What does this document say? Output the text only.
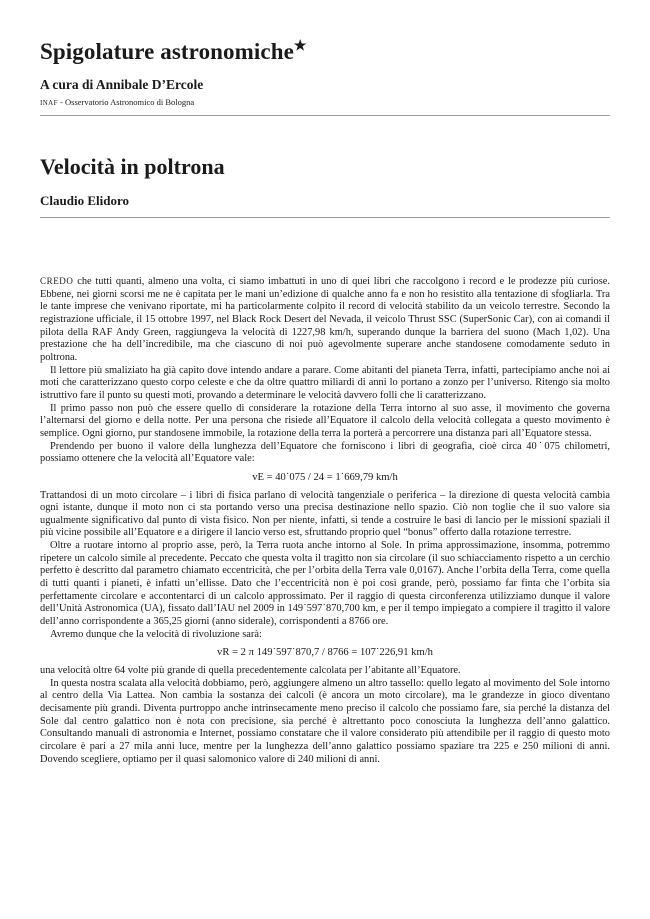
Spigolature astronomiche★
A cura di Annibale D’Ercole
INAF - Osservatorio Astronomico di Bologna
Velocità in poltrona
Claudio Elidoro

CREDO che tutti quanti, almeno una volta, ci siamo imbattuti in uno di quei libri che raccolgono i record e le prodezze più curiose. Ebbene, nei giorni scorsi me ne è capitata per le mani un’edizione di qualche anno fa e non ho resistito alla tentazione di sfogliarla. Tra le tante imprese che venivano riportate, mi ha particolarmente colpito il record di velocità stabilito da un veicolo terrestre. Secondo la registrazione ufficiale, il 15 ottobre 1997, nel Black Rock Desert del Nevada, il veicolo Thrust SSC (SuperSonic Car), con ai comandi il pilota della RAF Andy Green, raggiungeva la velocità di 1227,98 km/h, superando dunque la barriera del suono (Mach 1,02). Una prestazione che ha dell’incredibile, ma che ciascuno di noi può agevolmente superare anche standosene comodamente seduto in poltrona.

Il lettore più smaliziato ha già capito dove intendo andare a parare. Come abitanti del pianeta Terra, infatti, partecipiamo anche noi ai moti che caratterizzano questo corpo celeste e che da oltre quattro miliardi di anni lo portano a zonzo per l’universo. Ritengo sia molto istruttivo fare il punto su questi moti, provando a determinare le velocità davvero folli che li caratterizzano.

Il primo passo non può che essere quello di considerare la rotazione della Terra intorno al suo asse, il movimento che governa l’alternarsi del giorno e della notte. Per una persona che risiede all’Equatore il calcolo della velocità collegata a questo movimento è semplice. Ogni giorno, pur standosene immobile, la rotazione della terra la porterà a percorrere una distanza pari all’Equatore stessa.

Prendendo per buono il valore della lunghezza dell’Equatore che forniscono i libri di geografia, cioè circa 40˙075 chilometri, possiamo ottenere che la velocità all’Equatore vale:

vE = 40˙075 / 24 = 1˙669,79 km/h

Trattandosi di un moto circolare – i libri di fisica parlano di velocità tangenziale o periferica – la direzione di questa velocità cambia ogni istante, dunque il moto non ci sta portando verso una precisa destinazione nello spazio. Ciò non toglie che il suo valore sia ugualmente significativo dal punto di vista fisico. Non per niente, infatti, si tende a costruire le basi di lancio per le missioni spaziali il più vicine possibile all’Equatore e a dirigere il lancio verso est, sfruttando proprio quel “bonus” offerto dalla rotazione terrestre.

Oltre a ruotare intorno al proprio asse, però, la Terra ruota anche intorno al Sole. In prima approssimazione, insomma, potremmo ripetere un calcolo simile al precedente. Peccato che questa volta il tragitto non sia circolare (il suo schiacciamento rispetto a un cerchio perfetto è descritto dal parametro chiamato eccentricità, che per l’orbita della Terra vale 0,0167). Anche l’orbita della Terra, come quella di tutti quanti i pianeti, è infatti un’ellisse. Dato che l’eccentricità non è poi così grande, però, possiamo far finta che l’orbita sia perfettamente circolare e accontentarci di un calcolo approssimato. Per il raggio di questa circonferenza utilizziamo dunque il valore dell’Unità Astronomica (UA), fissato dall’IAU nel 2009 in 149˙597˙870,700 km, e per il tempo impiegato a compiere il tragitto il valore dell’anno corrispondente a 365,25 giorni (anno siderale), corrispondenti a 8766 ore.

Avremo dunque che la velocità di rivoluzione sarà:

vR = 2 π 149˙597˙870,7 / 8766 = 107˙226,91 km/h

una velocità oltre 64 volte più grande di quella precedentemente calcolata per l’abitante all’Equatore.

In questa nostra scalata alla velocità dobbiamo, però, aggiungere almeno un altro tassello: quello legato al movimento del Sole intorno al centro della Via Lattea. Non cambia la sostanza dei calcoli (è ancora un moto circolare), ma le grandezze in gioco diventano decisamente più grandi. Diventa purtroppo anche intrinsecamente meno preciso il calcolo che possiamo fare, sia perché la distanza del Sole dal centro galattico non è nota con precisione, sia perché è altrettanto poco conosciuta la lunghezza dell’anno galattico. Consultando manuali di astronomia e Internet, possiamo constatare che il valore considerato più attendibile per il raggio di questo moto circolare è pari a 27 mila anni luce, mentre per la lunghezza dell’anno galattico possiamo spaziare tra 225 e 250 milioni di anni. Dovendo scegliere, optiamo per il quasi salomonico valore di 240 milioni di anni.
